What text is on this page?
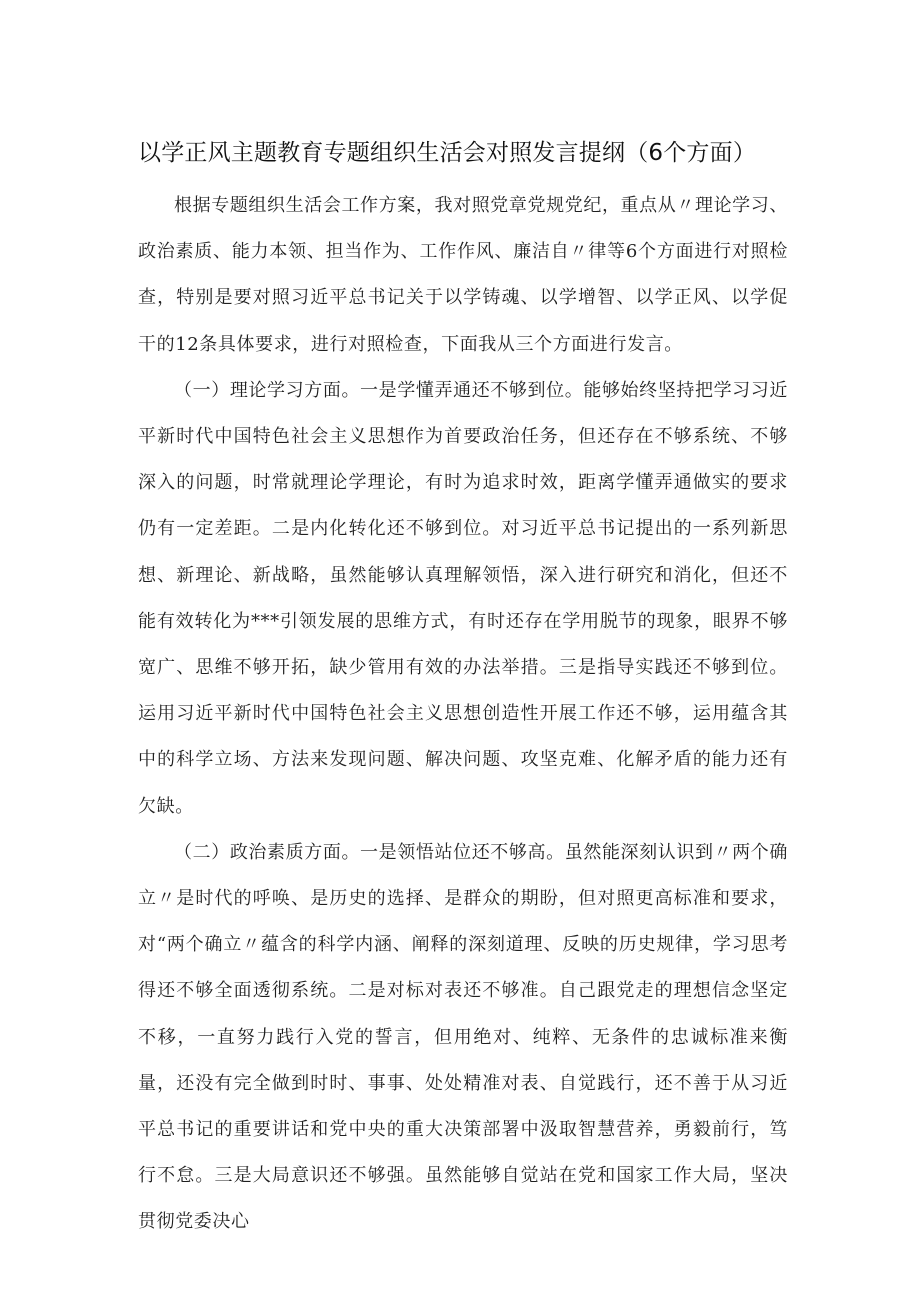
以学正风主题教育专题组织生活会对照发言提纲（6个方面）

根据专题组织生活会工作方案，我对照党章党规党纪，重点从〃理论学习、政治素质、能力本领、担当作为、工作作风、廉洁自〃律等6个方面进行对照检查，特别是要对照习近平总书记关于以学铸魂、以学增智、以学正风、以学促干的12条具体要求，进行对照检查，下面我从三个方面进行发言。

（一）理论学习方面。一是学懂弄通还不够到位。能够始终坚持把学习习近平新时代中国特色社会主义思想作为首要政治任务，但还存在不够系统、不够深入的问题，时常就理论学理论，有时为追求时效，距离学懂弄通做实的要求仍有一定差距。二是内化转化还不够到位。对习近平总书记提出的一系列新思想、新理论、新战略，虽然能够认真理解领悟，深入进行研究和消化，但还不能有效转化为***引领发展的思维方式，有时还存在学用脱节的现象，眼界不够宽广、思维不够开拓，缺少管用有效的办法举措。三是指导实践还不够到位。运用习近平新时代中国特色社会主义思想创造性开展工作还不够，运用蕴含其中的科学立场、方法来发现问题、解决问题、攻坚克难、化解矛盾的能力还有欠缺。

（二）政治素质方面。一是领悟站位还不够高。虽然能深刻认识到〃两个确立〃是时代的呼唤、是历史的选择、是群众的期盼，但对照更高标准和要求，对“两个确立〃蕴含的科学内涵、阐释的深刻道理、反映的历史规律，学习思考得还不够全面透彻系统。二是对标对表还不够准。自己跟党走的理想信念坚定不移，一直努力践行入党的誓言，但用绝对、纯粹、无条件的忠诚标准来衡量，还没有完全做到时时、事事、处处精准对表、自觉践行，还不善于从习近平总书记的重要讲话和党中央的重大决策部署中汲取智慧营养，勇毅前行，笃行不怠。三是大局意识还不够强。虽然能够自觉站在党和国家工作大局，坚决贯彻党委决心
